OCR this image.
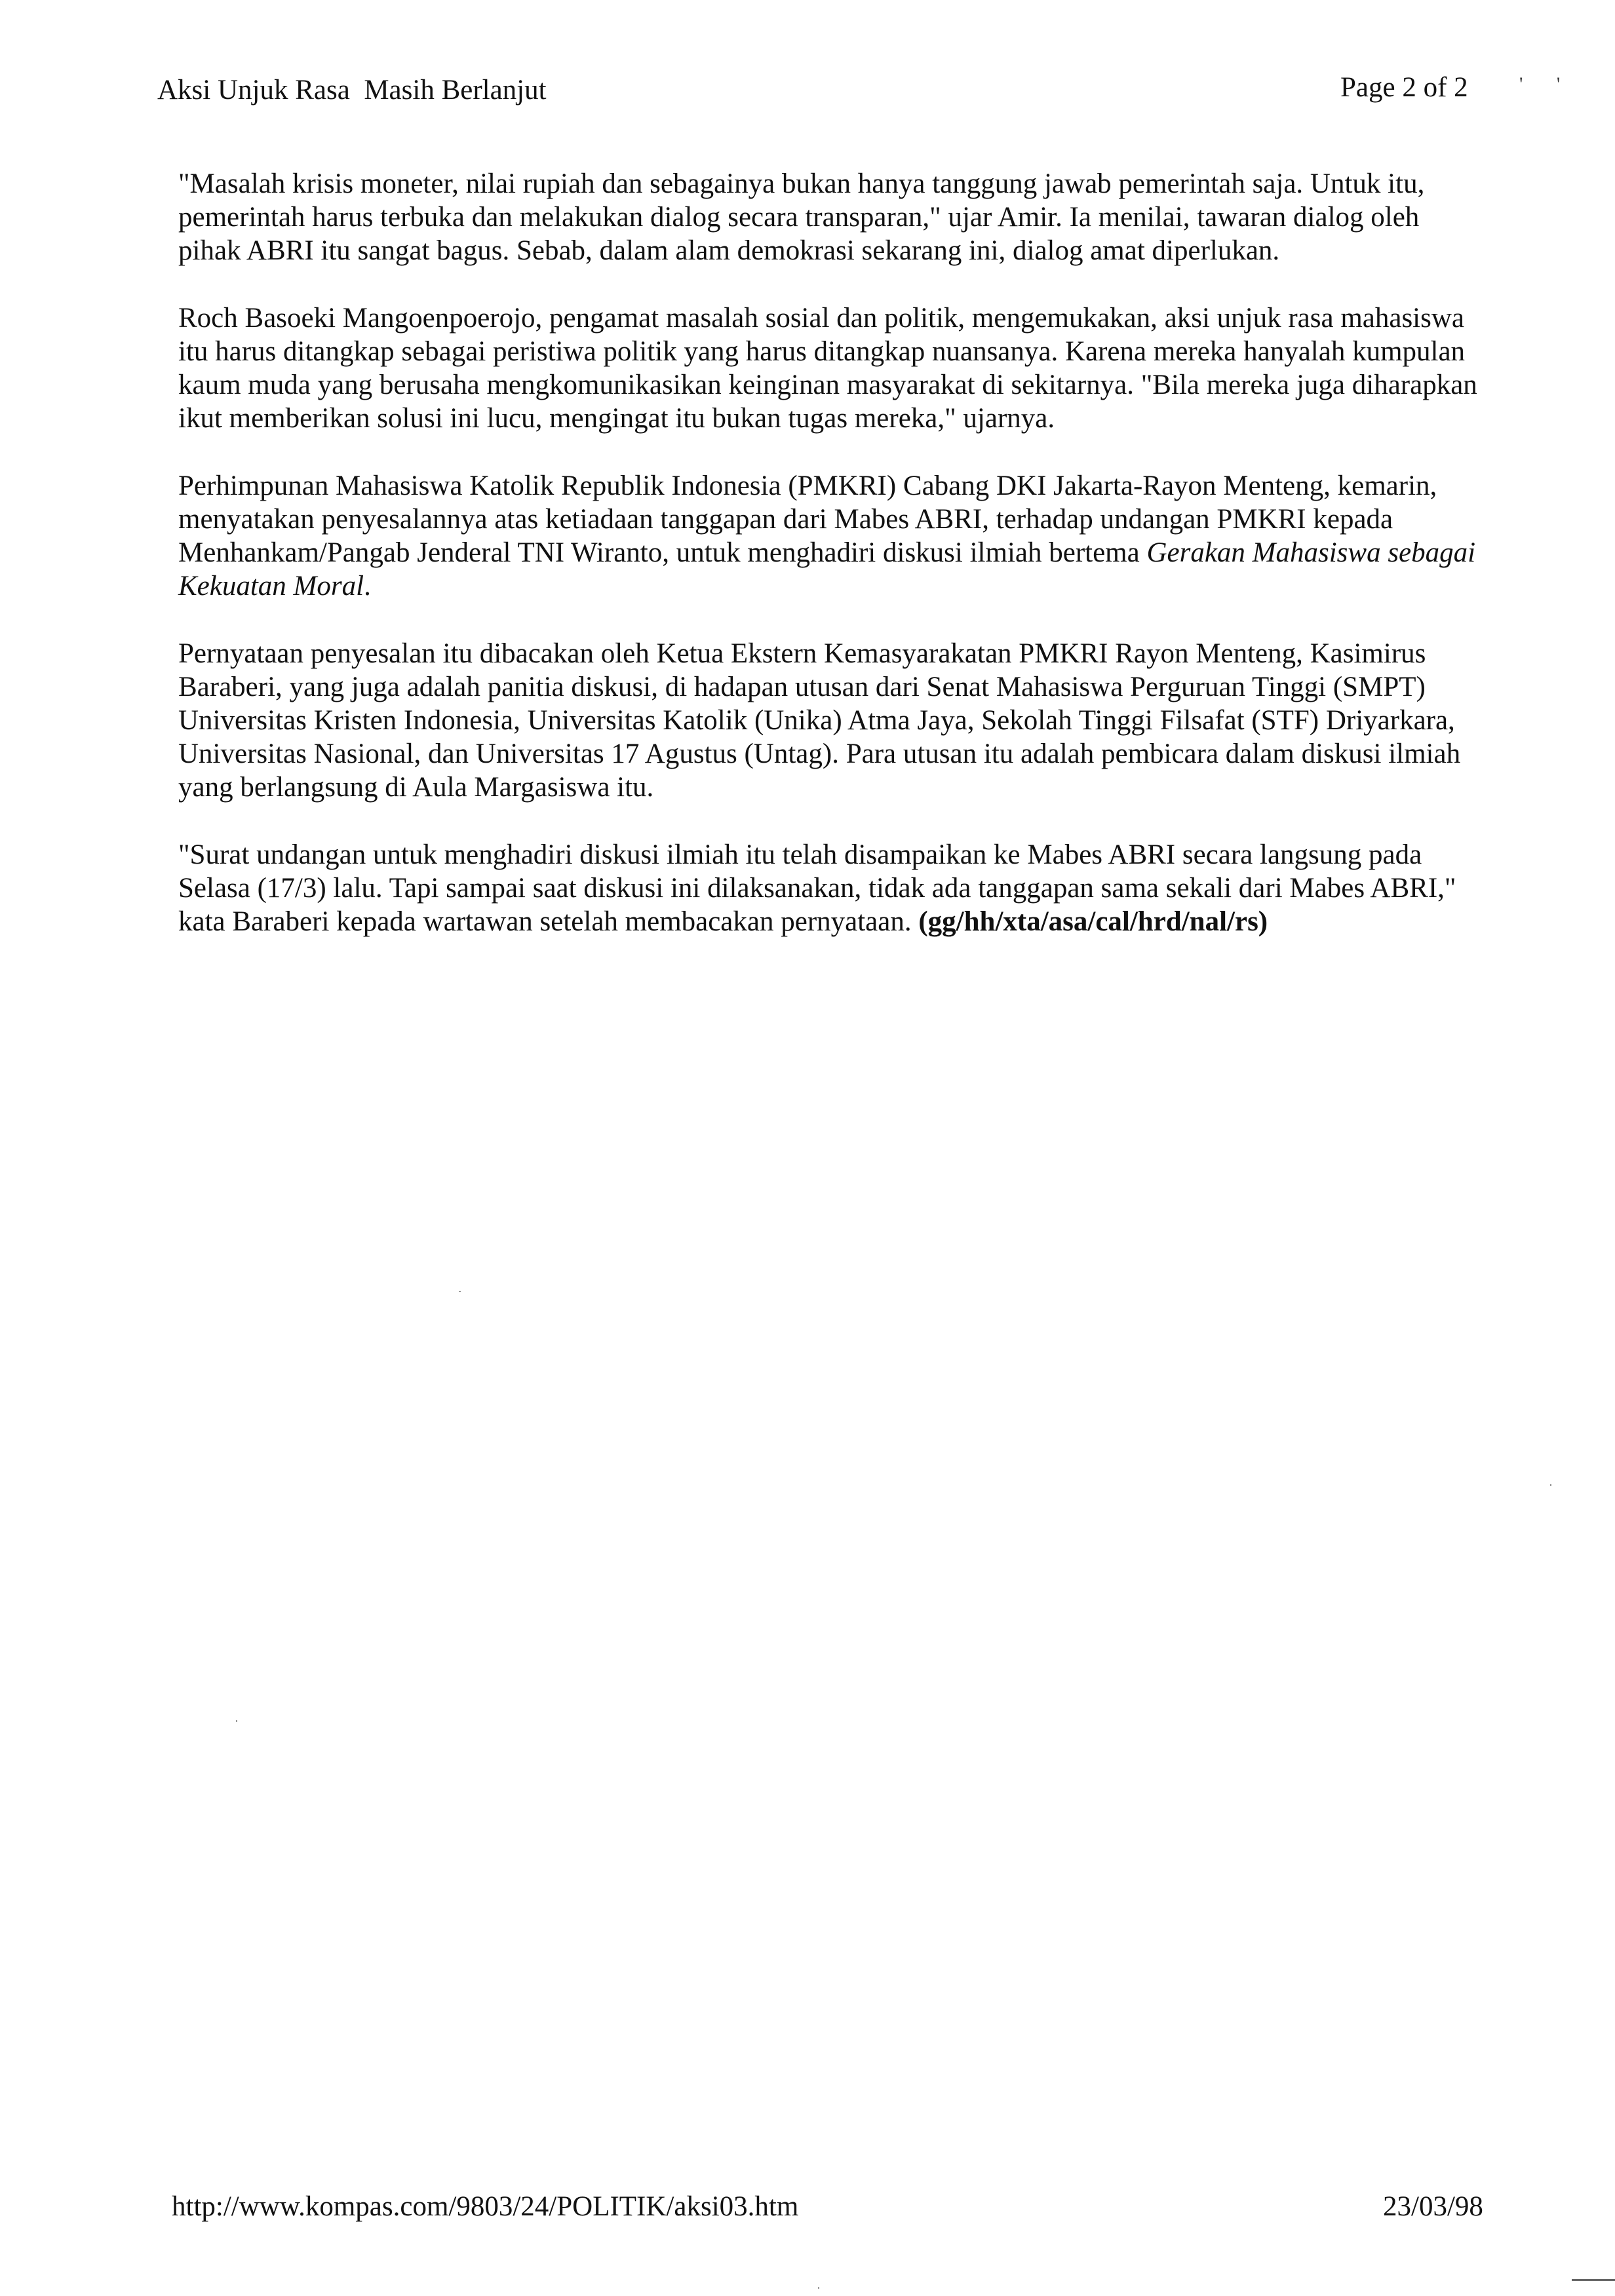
Aksi Unjuk Rasa  Masih Berlanjut	Page 2 of 2	' '

"Masalah krisis moneter, nilai rupiah dan sebagainya bukan hanya tanggung jawab pemerintah saja. Untuk itu, pemerintah harus terbuka dan melakukan dialog secara transparan," ujar Amir. Ia menilai, tawaran dialog oleh pihak ABRI itu sangat bagus. Sebab, dalam alam demokrasi sekarang ini, dialog amat diperlukan.

Roch Basoeki Mangoenpoerojo, pengamat masalah sosial dan politik, mengemukakan, aksi unjuk rasa mahasiswa itu harus ditangkap sebagai peristiwa politik yang harus ditangkap nuansanya. Karena mereka hanyalah kumpulan kaum muda yang berusaha mengkomunikasikan keinginan masyarakat di sekitarnya. "Bila mereka juga diharapkan ikut memberikan solusi ini lucu, mengingat itu bukan tugas mereka," ujarnya.

Perhimpunan Mahasiswa Katolik Republik Indonesia (PMKRI) Cabang DKI Jakarta-Rayon Menteng, kemarin, menyatakan penyesalannya atas ketiadaan tanggapan dari Mabes ABRI, terhadap undangan PMKRI kepada Menhankam/Pangab Jenderal TNI Wiranto, untuk menghadiri diskusi ilmiah bertema Gerakan Mahasiswa sebagai Kekuatan Moral.

Pernyataan penyesalan itu dibacakan oleh Ketua Ekstern Kemasyarakatan PMKRI Rayon Menteng, Kasimirus Baraberi, yang juga adalah panitia diskusi, di hadapan utusan dari Senat Mahasiswa Perguruan Tinggi (SMPT) Universitas Kristen Indonesia, Universitas Katolik (Unika) Atma Jaya, Sekolah Tinggi Filsafat (STF) Driyarkara, Universitas Nasional, dan Universitas 17 Agustus (Untag). Para utusan itu adalah pembicara dalam diskusi ilmiah yang berlangsung di Aula Margasiswa itu.

"Surat undangan untuk menghadiri diskusi ilmiah itu telah disampaikan ke Mabes ABRI secara langsung pada Selasa (17/3) lalu. Tapi sampai saat diskusi ini dilaksanakan, tidak ada tanggapan sama sekali dari Mabes ABRI," kata Baraberi kepada wartawan setelah membacakan pernyataan. (gg/hh/xta/asa/cal/hrd/nal/rs)

http://www.kompas.com/9803/24/POLITIK/aksi03.htm	23/03/98
